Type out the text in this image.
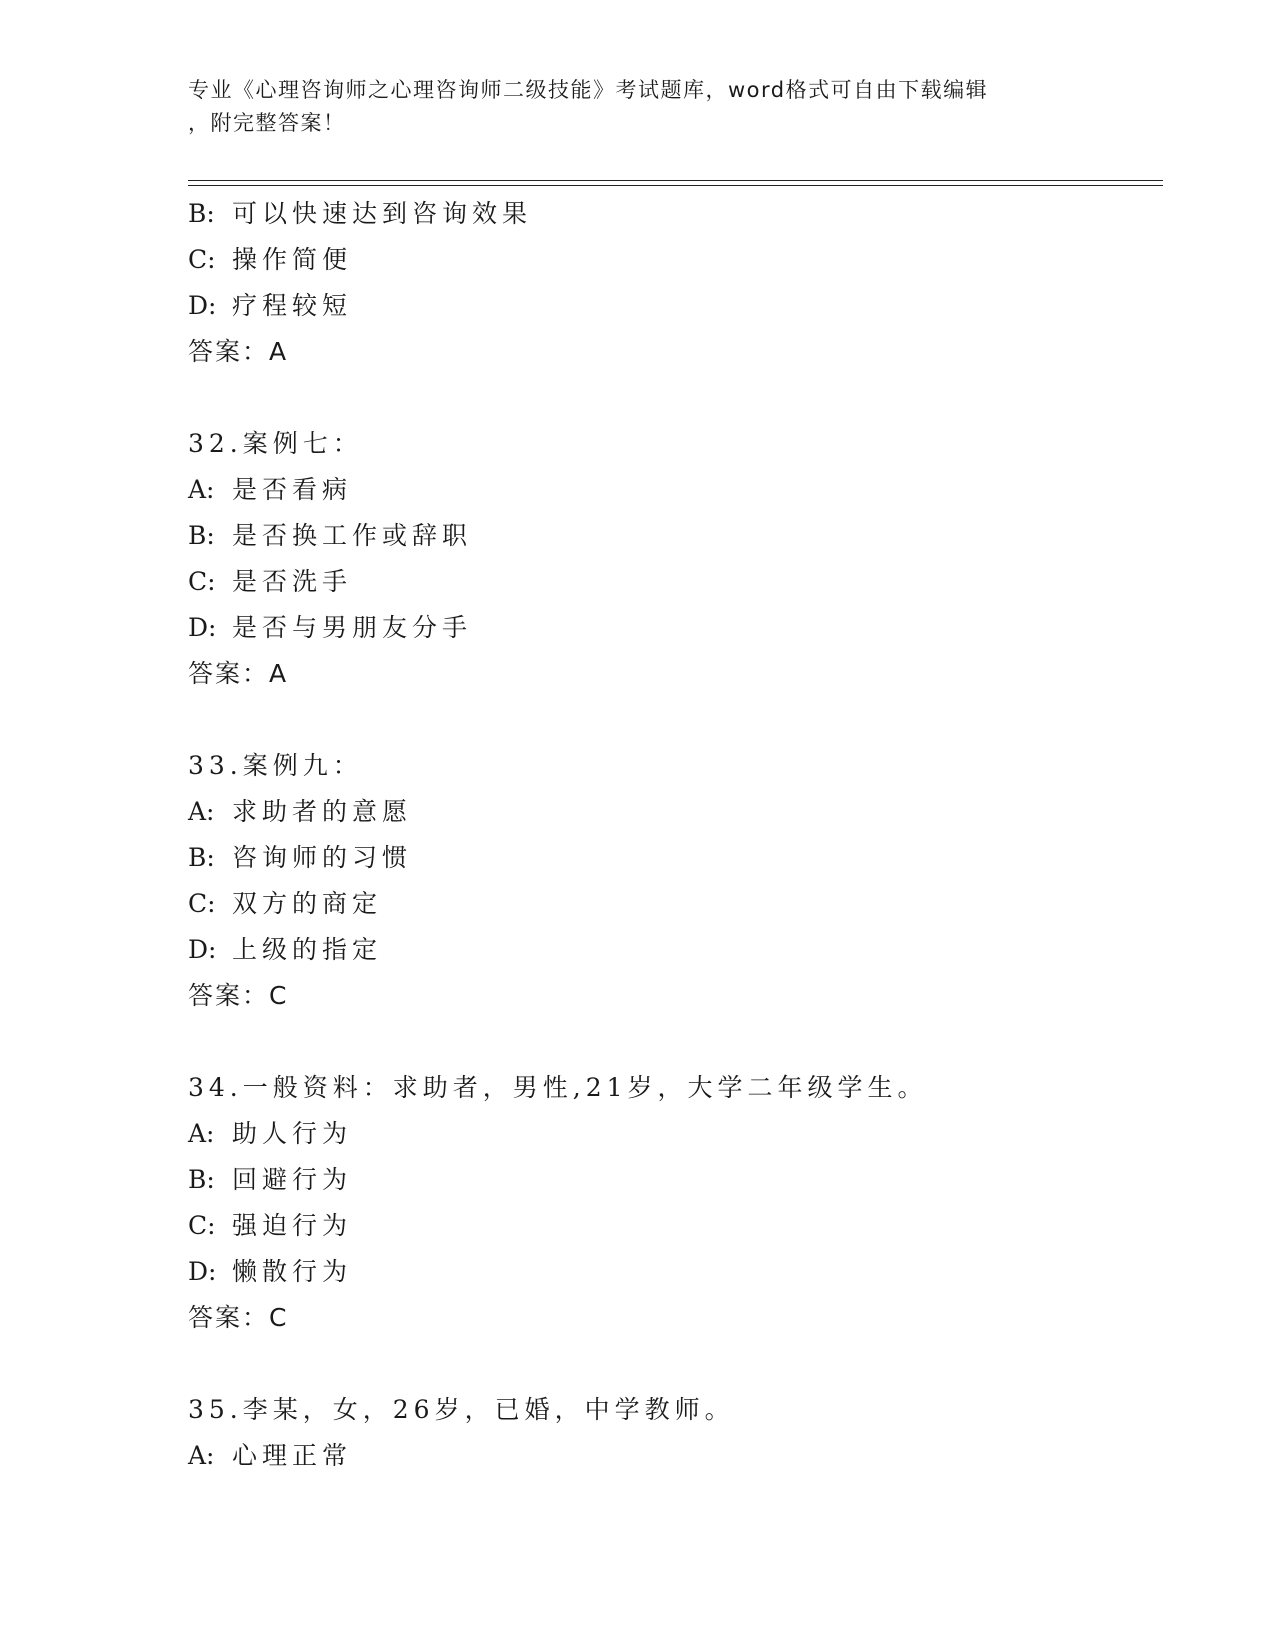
专业《心理咨询师之心理咨询师二级技能》考试题库，word格式可自由下载编辑
，附完整答案！
B: 可以快速达到咨询效果
C: 操作简便
D: 疗程较短
答案：A
32.案例七：
A: 是否看病
B: 是否换工作或辞职
C: 是否洗手
D: 是否与男朋友分手
答案：A
33.案例九：
A: 求助者的意愿
B: 咨询师的习惯
C: 双方的商定
D: 上级的指定
答案：C
34.一般资料：求助者，男性,21岁，大学二年级学生。
A: 助人行为
B: 回避行为
C: 强迫行为
D: 懒散行为
答案：C
35.李某，女，26岁，已婚，中学教师。
A: 心理正常
